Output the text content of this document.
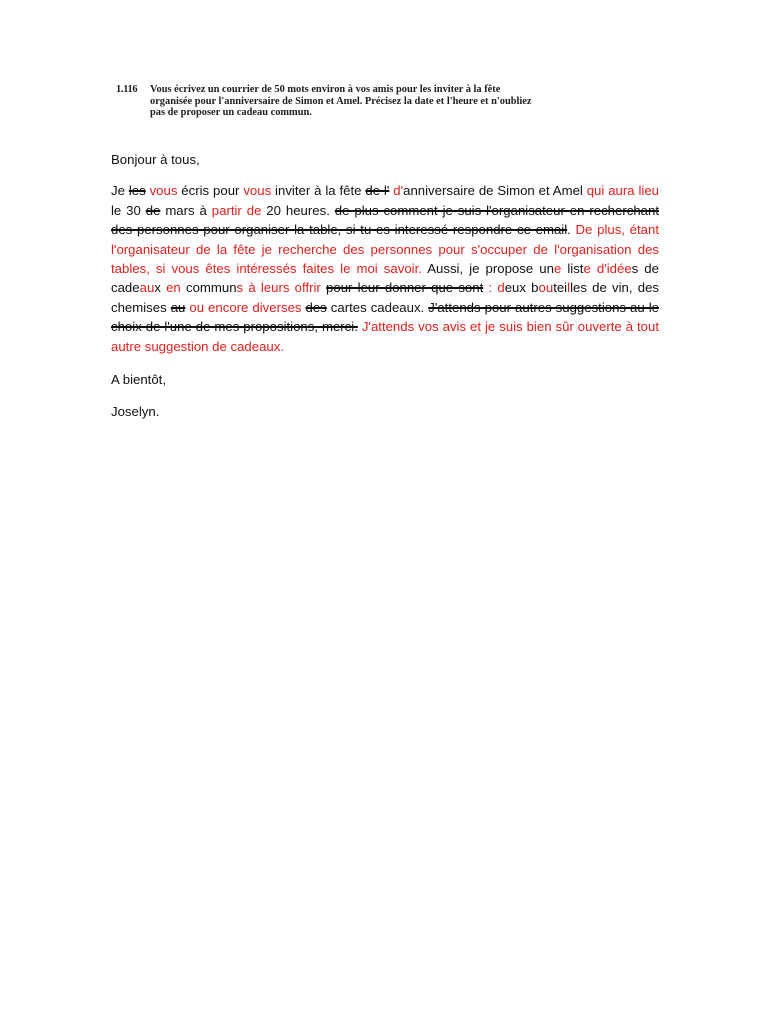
1.116 Vous écrivez un courrier de 50 mots environ à vos amis pour les inviter à la fête
organisée pour l'anniversaire de Simon et Amel. Précisez la date et l'heure et n'oubliez
pas de proposer un cadeau commun.

Bonjour à tous,

Je les vous écris pour vous inviter à la fête de l' d'anniversaire de Simon et Amel qui aura lieu le 30 de mars à partir de 20 heures. de plus comment je suis l'organisateur en recherchant des personnes pour organiser la table, si tu es interessé respondre ce email. De plus, étant l'organisateur de la fête je recherche des personnes pour s'occuper de l'organisation des tables, si vous êtes intéressés faites le moi savoir. Aussi, je propose une liste d'idées de cadeaux en communs à leurs offrir pour leur donner que sont : deux bouteilles de vin, des chemises au ou encore diverses des cartes cadeaux. J'attends pour autres suggestions au le choix de l'une de mes propositions, merci. J'attends vos avis et je suis bien sûr ouverte à tout autre suggestion de cadeaux.

A bientôt,

Joselyn.
